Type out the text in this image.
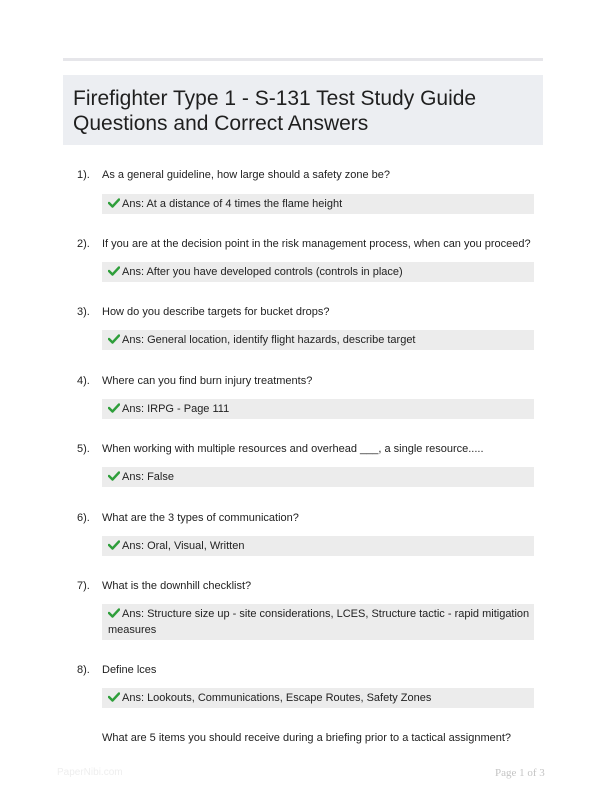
Firefighter Type 1 - S-131 Test Study Guide
Questions and Correct Answers
1). As a general guideline, how large should a safety zone be?
Ans: At a distance of 4 times the flame height
2). If you are at the decision point in the risk management process, when can you proceed?
Ans: After you have developed controls (controls in place)
3). How do you describe targets for bucket drops?
Ans: General location, identify flight hazards, describe target
4). Where can you find burn injury treatments?
Ans: IRPG - Page 111
5). When working with multiple resources and overhead ___, a single resource.....
Ans: False
6). What are the 3 types of communication?
Ans: Oral, Visual, Written
7). What is the downhill checklist?
Ans: Structure size up - site considerations, LCES, Structure tactic - rapid mitigation
measures
8). Define lces
Ans: Lookouts, Communications, Escape Routes, Safety Zones
What are 5 items you should receive during a briefing prior to a tactical assignment?
PaperNibi.com	Page 1 of 3
